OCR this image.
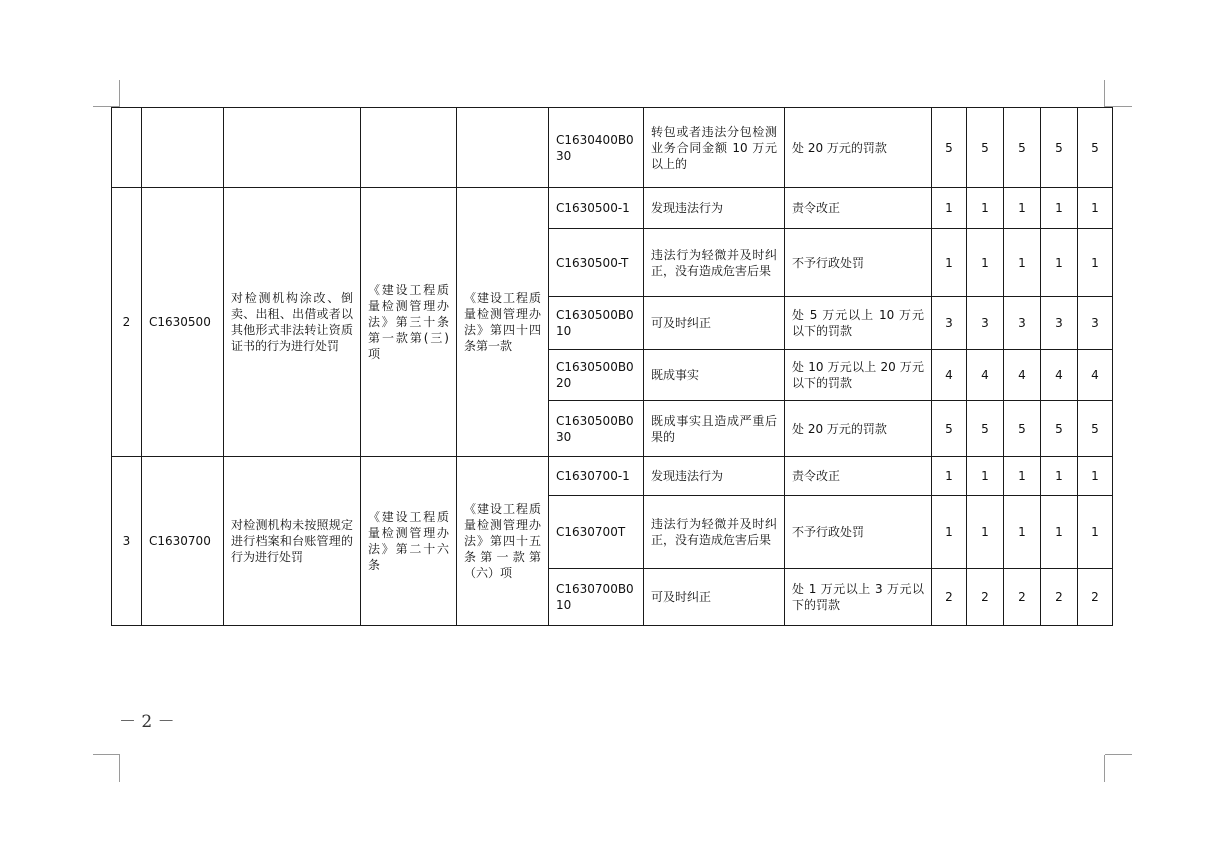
					C1630400B030	转包或者违法分包检测业务合同金额 10 万元以上的	处 20 万元的罚款	5	5	5	5	5
2	C1630500	对检测机构涂改、倒卖、出租、出借或者以其他形式非法转让资质证书的行为进行处罚	《建设工程质量检测管理办法》第三十条第一款第(三)项	《建设工程质量检测管理办法》第四十四条第一款	C1630500-1	发现违法行为	责令改正	1	1	1	1	1
					C1630500-T	违法行为轻微并及时纠正，没有造成危害后果	不予行政处罚	1	1	1	1	1
					C1630500B010	可及时纠正	处 5 万元以上 10 万元以下的罚款	3	3	3	3	3
					C1630500B020	既成事实	处 10 万元以上 20 万元以下的罚款	4	4	4	4	4
					C1630500B030	既成事实且造成严重后果的	处 20 万元的罚款	5	5	5	5	5
3	C1630700	对检测机构未按照规定进行档案和台账管理的行为进行处罚	《建设工程质量检测管理办法》第二十六条	《建设工程质量检测管理办法》第四十五条第一款第（六）项	C1630700-1	发现违法行为	责令改正	1	1	1	1	1
					C1630700T	违法行为轻微并及时纠正，没有造成危害后果	不予行政处罚	1	1	1	1	1
					C1630700B010	可及时纠正	处 1 万元以上 3 万元以下的罚款	2	2	2	2	2
－ 2 －
